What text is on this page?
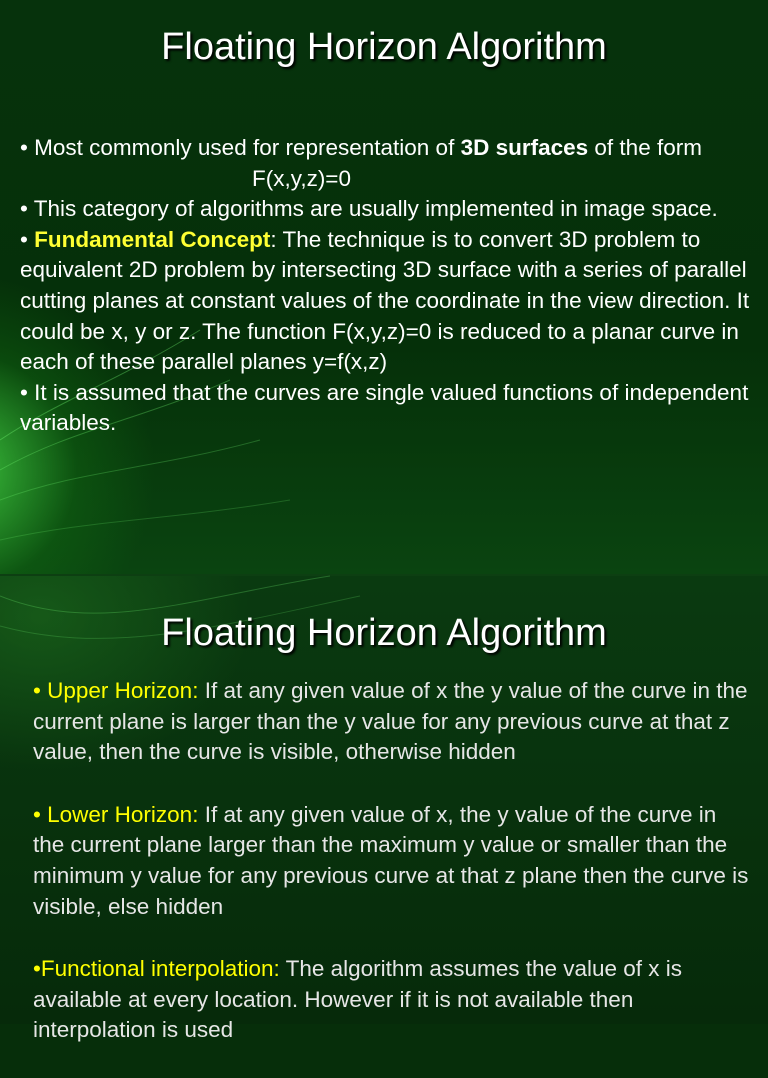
Floating Horizon Algorithm

• Most commonly used for representation of 3D surfaces of the form

F(x,y,z)=0

• This category of algorithms are usually implemented in image space.

• Fundamental Concept: The technique is to convert 3D problem to equivalent 2D problem by intersecting 3D surface with a series of parallel cutting planes at constant values of the coordinate in the view direction. It could be x, y or z. The function F(x,y,z)=0 is reduced to a planar curve in each of these parallel planes y=f(x,z)

• It is assumed that the curves are single valued functions of independent variables.

Floating Horizon Algorithm

• Upper Horizon: If at any given value of x the y value of the curve in the current plane is larger than the y value for any previous curve at that z value, then the curve is visible, otherwise hidden

• Lower Horizon: If at any given value of x, the y value of the curve in the current plane larger than the maximum y value or smaller than the minimum y value for any previous curve at that z plane then the curve is visible, else hidden

•Functional interpolation: The algorithm assumes the value of x is available at every location. However if it is not available then interpolation is used
